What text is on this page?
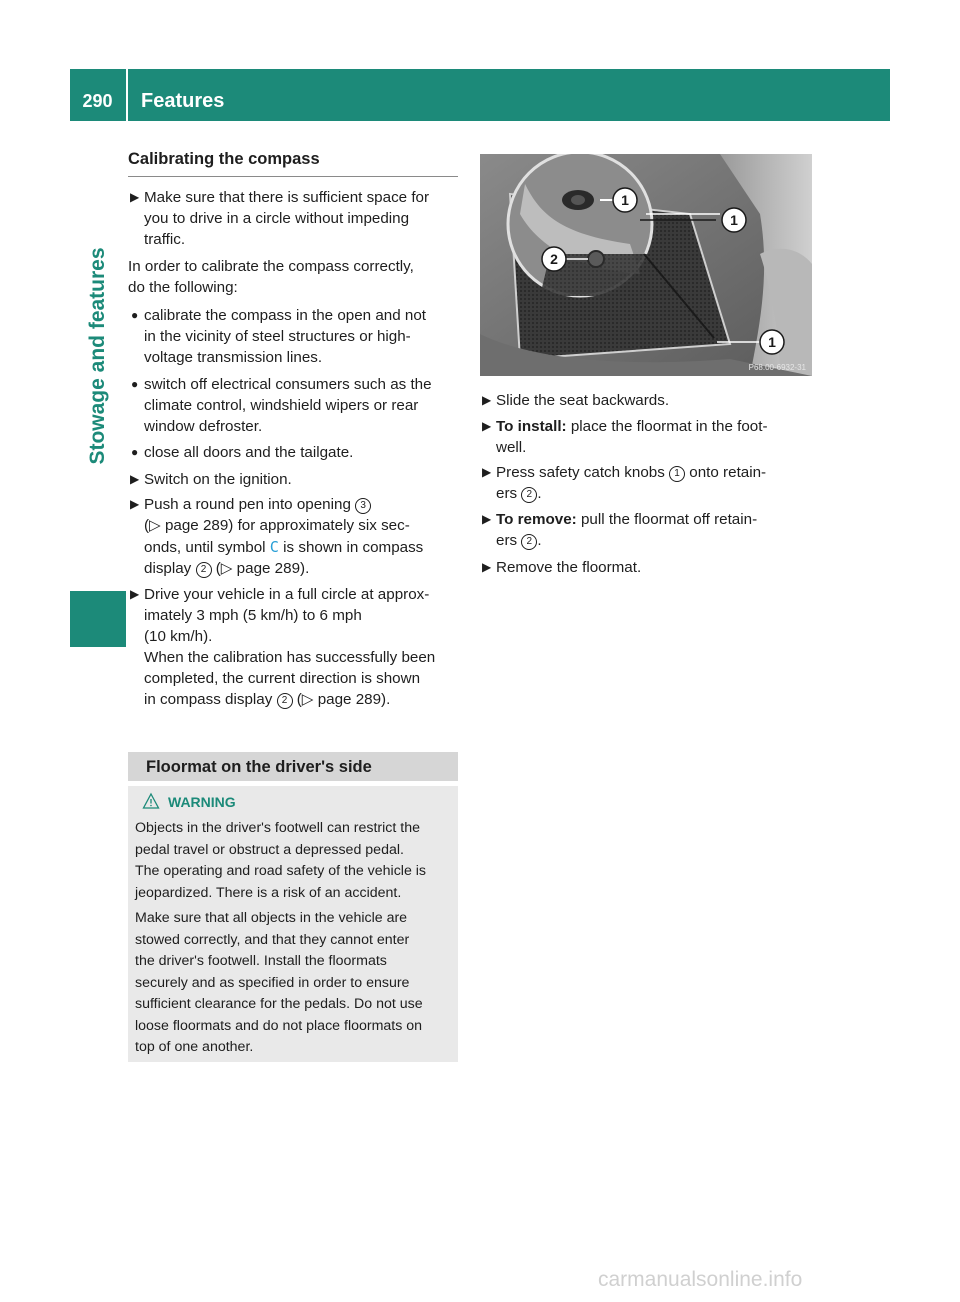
290	Features
Stowage and features
Calibrating the compass
▶ Make sure that there is sufficient space for
you to drive in a circle without impeding
traffic.
In order to calibrate the compass correctly,
do the following:
● calibrate the compass in the open and not
in the vicinity of steel structures or high-
voltage transmission lines.
● switch off electrical consumers such as the
climate control, windshield wipers or rear
window defroster.
● close all doors and the tailgate.
▶ Switch on the ignition.
▶ Push a round pen into opening 3
(▷ page 289) for approximately six sec-
onds, until symbol C is shown in compass
display 2 (▷ page 289).
▶ Drive your vehicle in a full circle at approx-
imately 3 mph (5 km/h) to 6 mph
(10 km/h).
When the calibration has successfully been
completed, the current direction is shown
in compass display 2 (▷ page 289).
Floormat on the driver's side
WARNING
Objects in the driver's footwell can restrict the
pedal travel or obstruct a depressed pedal.
The operating and road safety of the vehicle is
jeopardized. There is a risk of an accident.
Make sure that all objects in the vehicle are
stowed correctly, and that they cannot enter
the driver's footwell. Install the floormats
securely and as specified in order to ensure
sufficient clearance for the pedals. Do not use
loose floormats and do not place floormats on
top of one another.
1
1
1
2
P68.00-6932-31
▶ Slide the seat backwards.
▶ To install: place the floormat in the foot-
well.
▶ Press safety catch knobs 1 onto retain-
ers 2 .
▶ To remove: pull the floormat off retain-
ers 2 .
▶ Remove the floormat.
carmanualsonline.info
